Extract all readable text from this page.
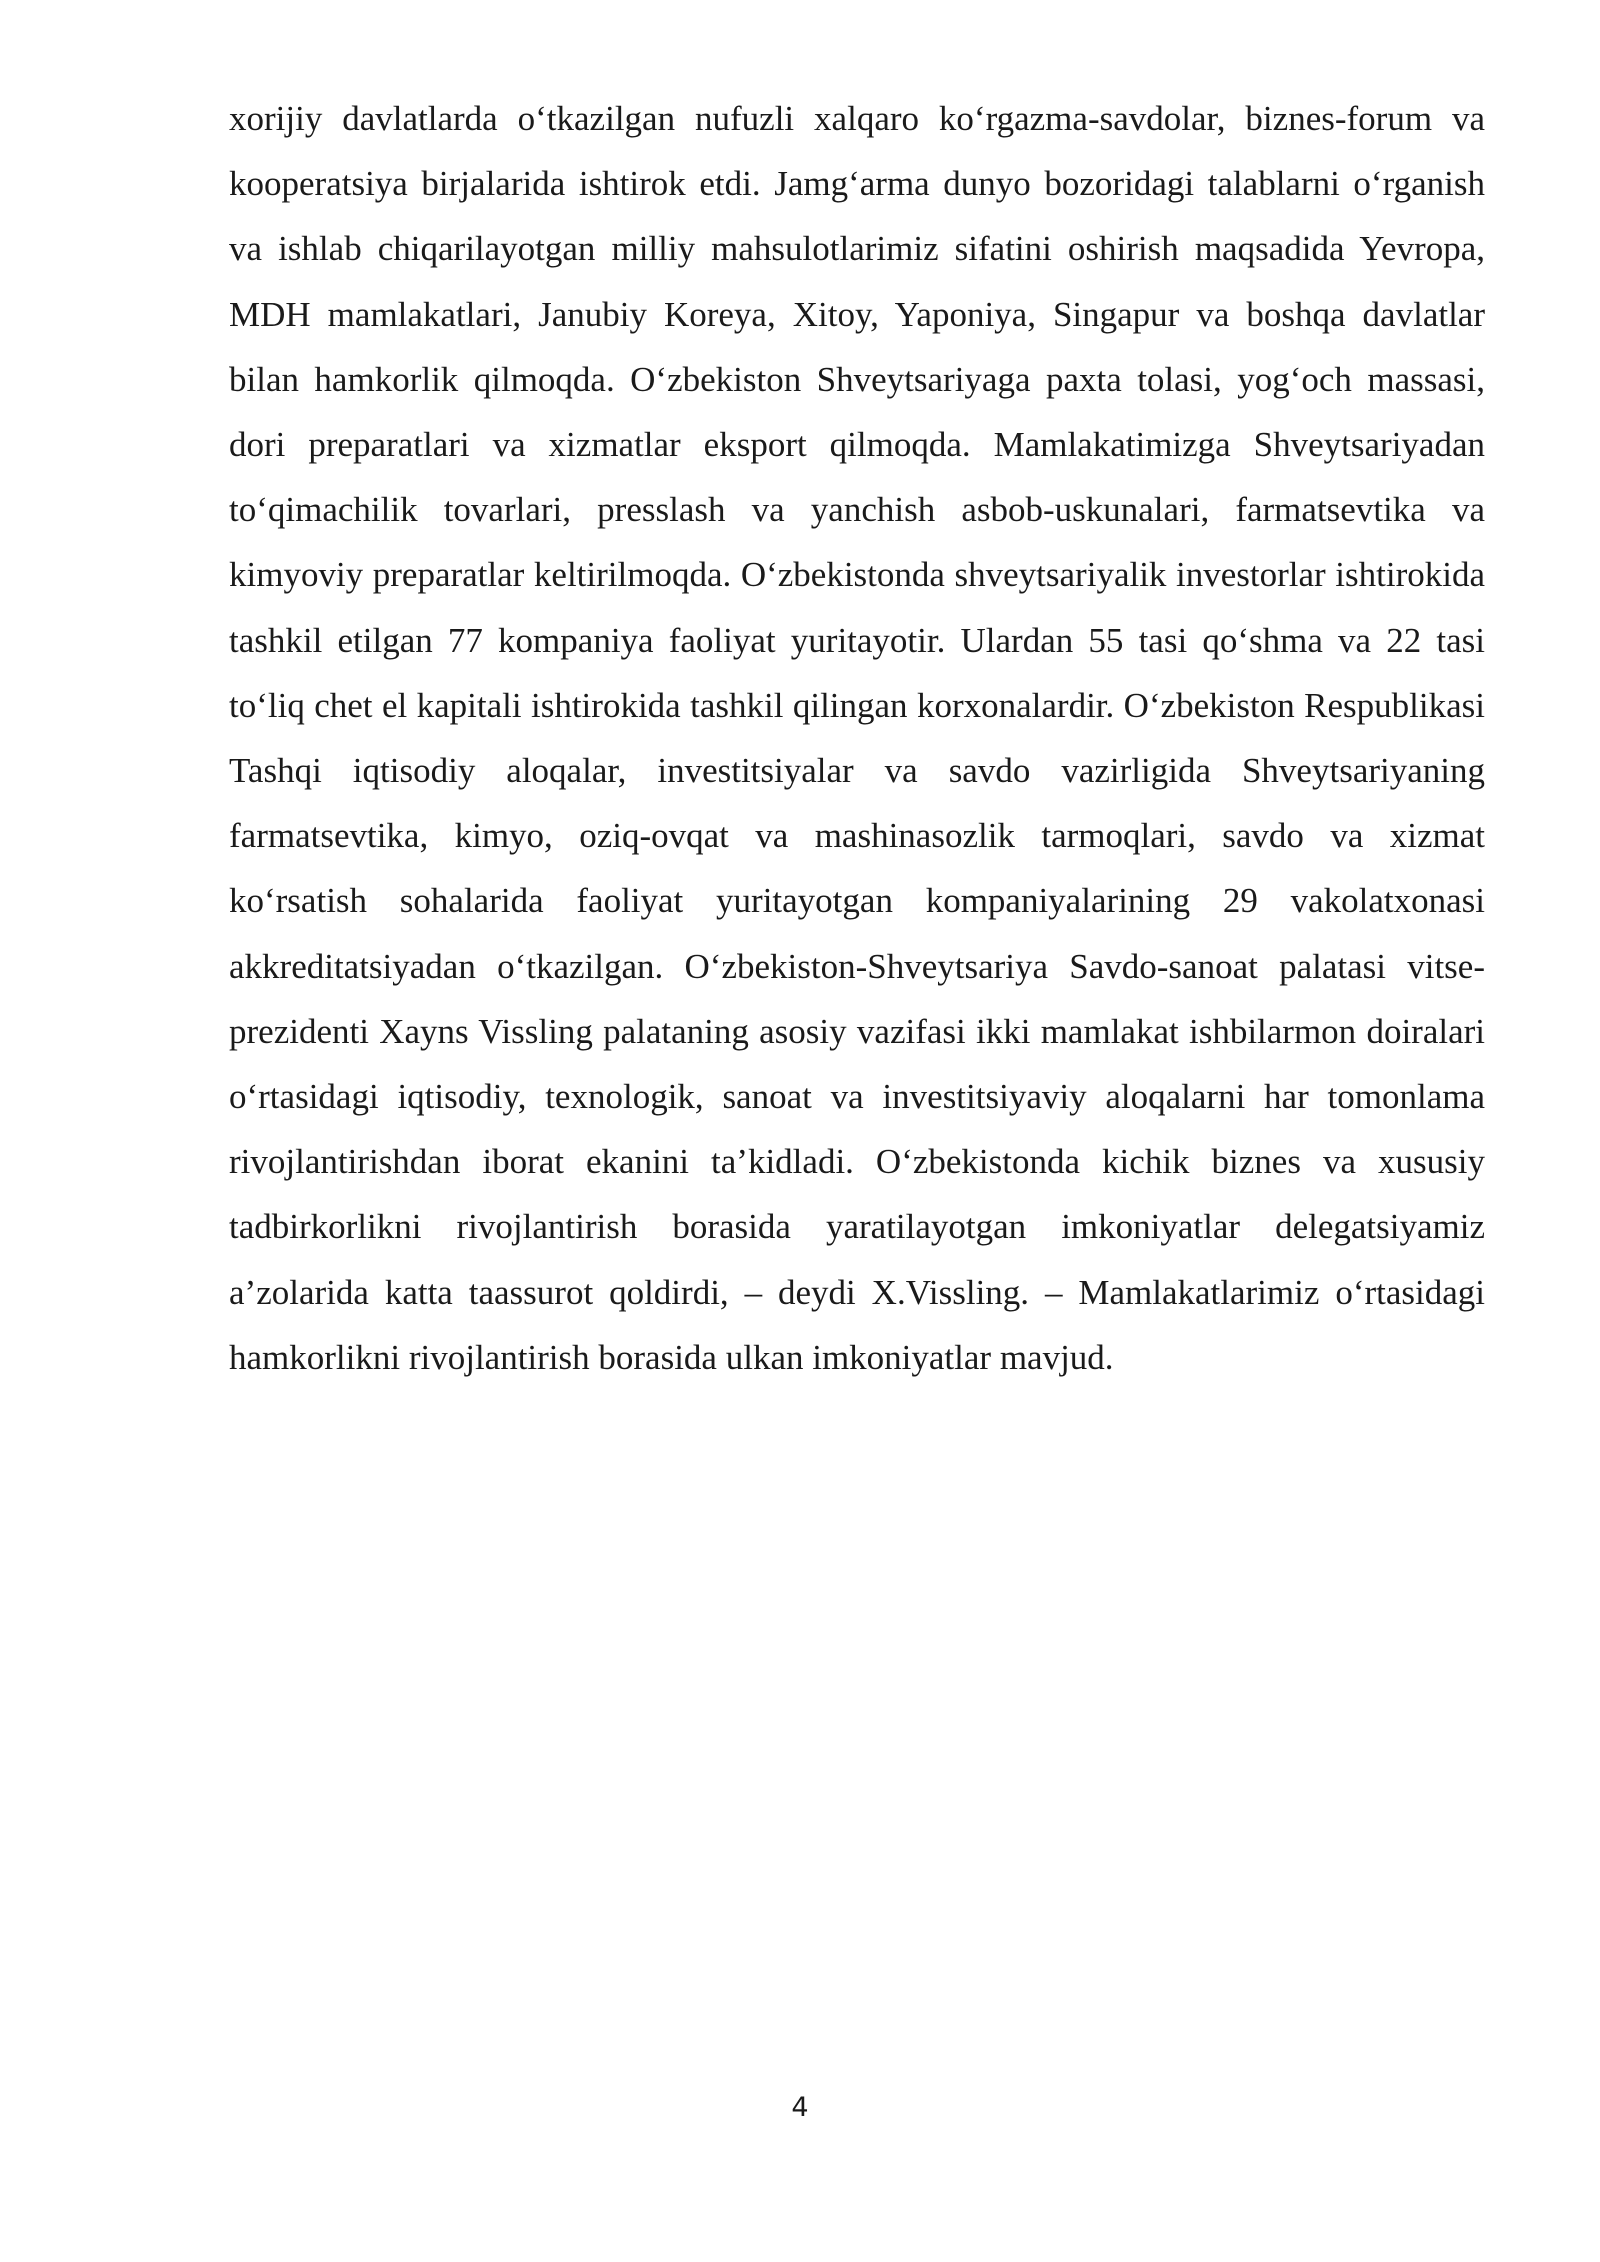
xorijiy davlatlarda o‘tkazilgan nufuzli xalqaro ko‘rgazma-savdolar, biznes-forum va kooperatsiya birjalarida ishtirok etdi. Jamg‘arma dunyo bozoridagi talablarni o‘rganish va ishlab chiqarilayotgan milliy mahsulotlarimiz sifatini oshirish maqsadida Yevropa, MDH mamlakatlari, Janubiy Koreya, Xitoy, Yaponiya, Singapur va boshqa davlatlar bilan hamkorlik qilmoqda. O‘zbekiston Shveytsariyaga paxta tolasi, yog‘och massasi, dori preparatlari va xizmatlar eksport qilmoqda. Mamlakatimizga Shveytsariyadan to‘qimachilik tovarlari, presslash va yanchish asbob-uskunalari, farmatsevtika va kimyoviy preparatlar keltirilmoqda. O‘zbekistonda shveytsariyalik investorlar ishtirokida tashkil etilgan 77 kompaniya faoliyat yuritayotir. Ulardan 55 tasi qo‘shma va 22 tasi to‘liq chet el kapitali ishtirokida tashkil qilingan korxonalardir. O‘zbekiston Respublikasi Tashqi iqtisodiy aloqalar, investitsiyalar va savdo vazirligida Shveytsariyaning farmatsevtika, kimyo, oziq-ovqat va mashinasozlik tarmoqlari, savdo va xizmat ko‘rsatish sohalarida faoliyat yuritayotgan kompaniyalarining 29 vakolatxonasi akkreditatsiyadan o‘tkazilgan. O‘zbekiston-Shveytsariya Savdo-sanoat palatasi vitse-prezidenti Xayns Vissling palataning asosiy vazifasi ikki mamlakat ishbilarmon doiralari o‘rtasidagi iqtisodiy, texnologik, sanoat va investitsiyaviy aloqalarni har tomonlama rivojlantirishdan iborat ekanini ta’kidladi. O‘zbekistonda kichik biznes va xususiy tadbirkorlikni rivojlantirish borasida yaratilayotgan imkoniyatlar delegatsiyamiz a’zolarida katta taassurot qoldirdi, – deydi X.Vissling. – Mamlakatlarimiz o‘rtasidagi hamkorlikni rivojlantirish borasida ulkan imkoniyatlar mavjud.

4
